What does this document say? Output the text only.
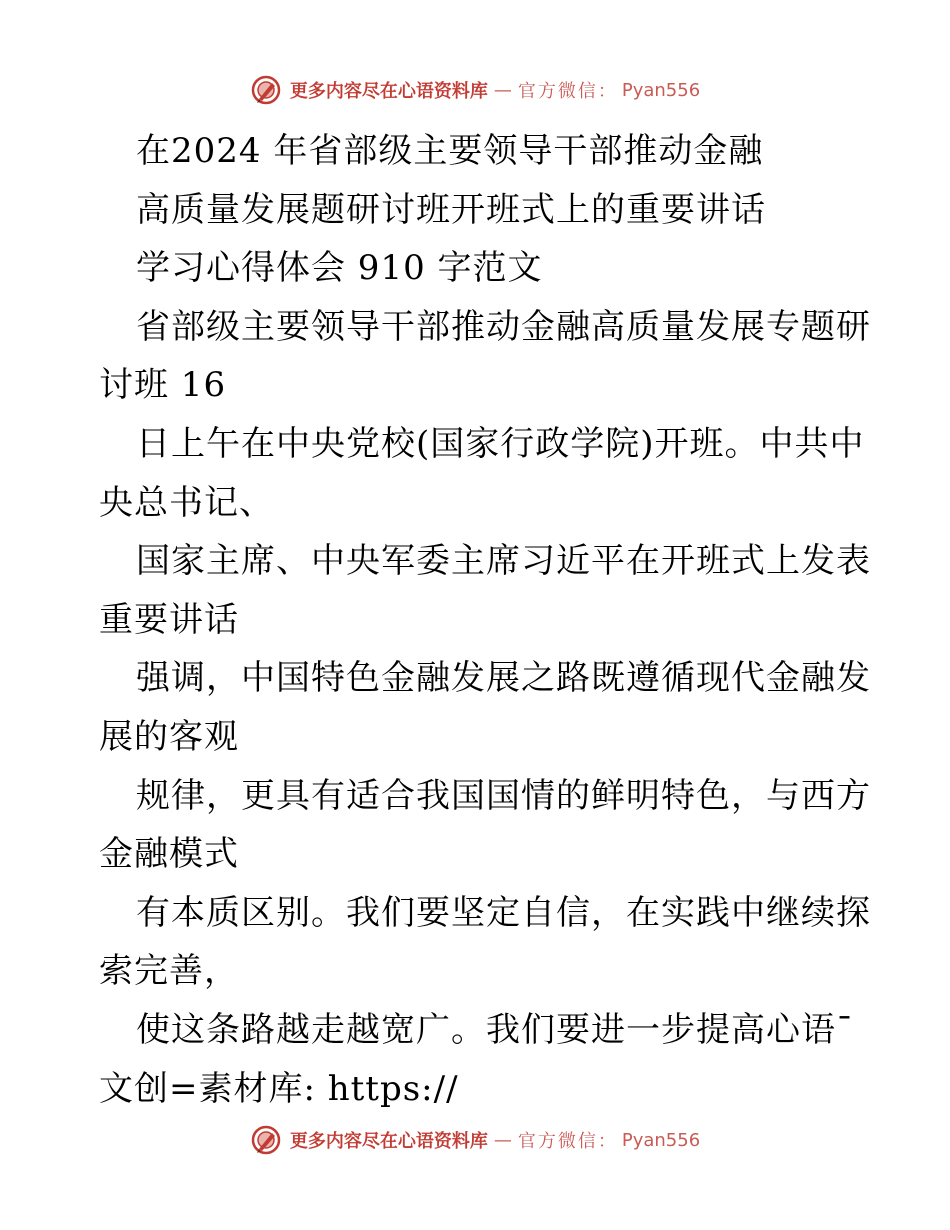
更多内容尽在心语资料库 — 官方微信： Pyan556
在2024 年省部级主要领导干部推动金融
高质量发展题研讨班开班式上的重要讲话
学习心得体会 910 字范文
省部级主要领导干部推动金融高质量发展专题研
讨班 16
日上午在中央党校(国家行政学院)开班。中共中
央总书记、
国家主席、中央军委主席习近平在开班式上发表
重要讲话
强调，中国特色金融发展之路既遵循现代金融发
展的客观
规律，更具有适合我国国情的鲜明特色，与西方
金融模式
有本质区别。我们要坚定自信，在实践中继续探
索完善，
使这条路越走越宽广。我们要进一步提高心语¯
文创=素材库: https://
更多内容尽在心语资料库 — 官方微信： Pyan556
